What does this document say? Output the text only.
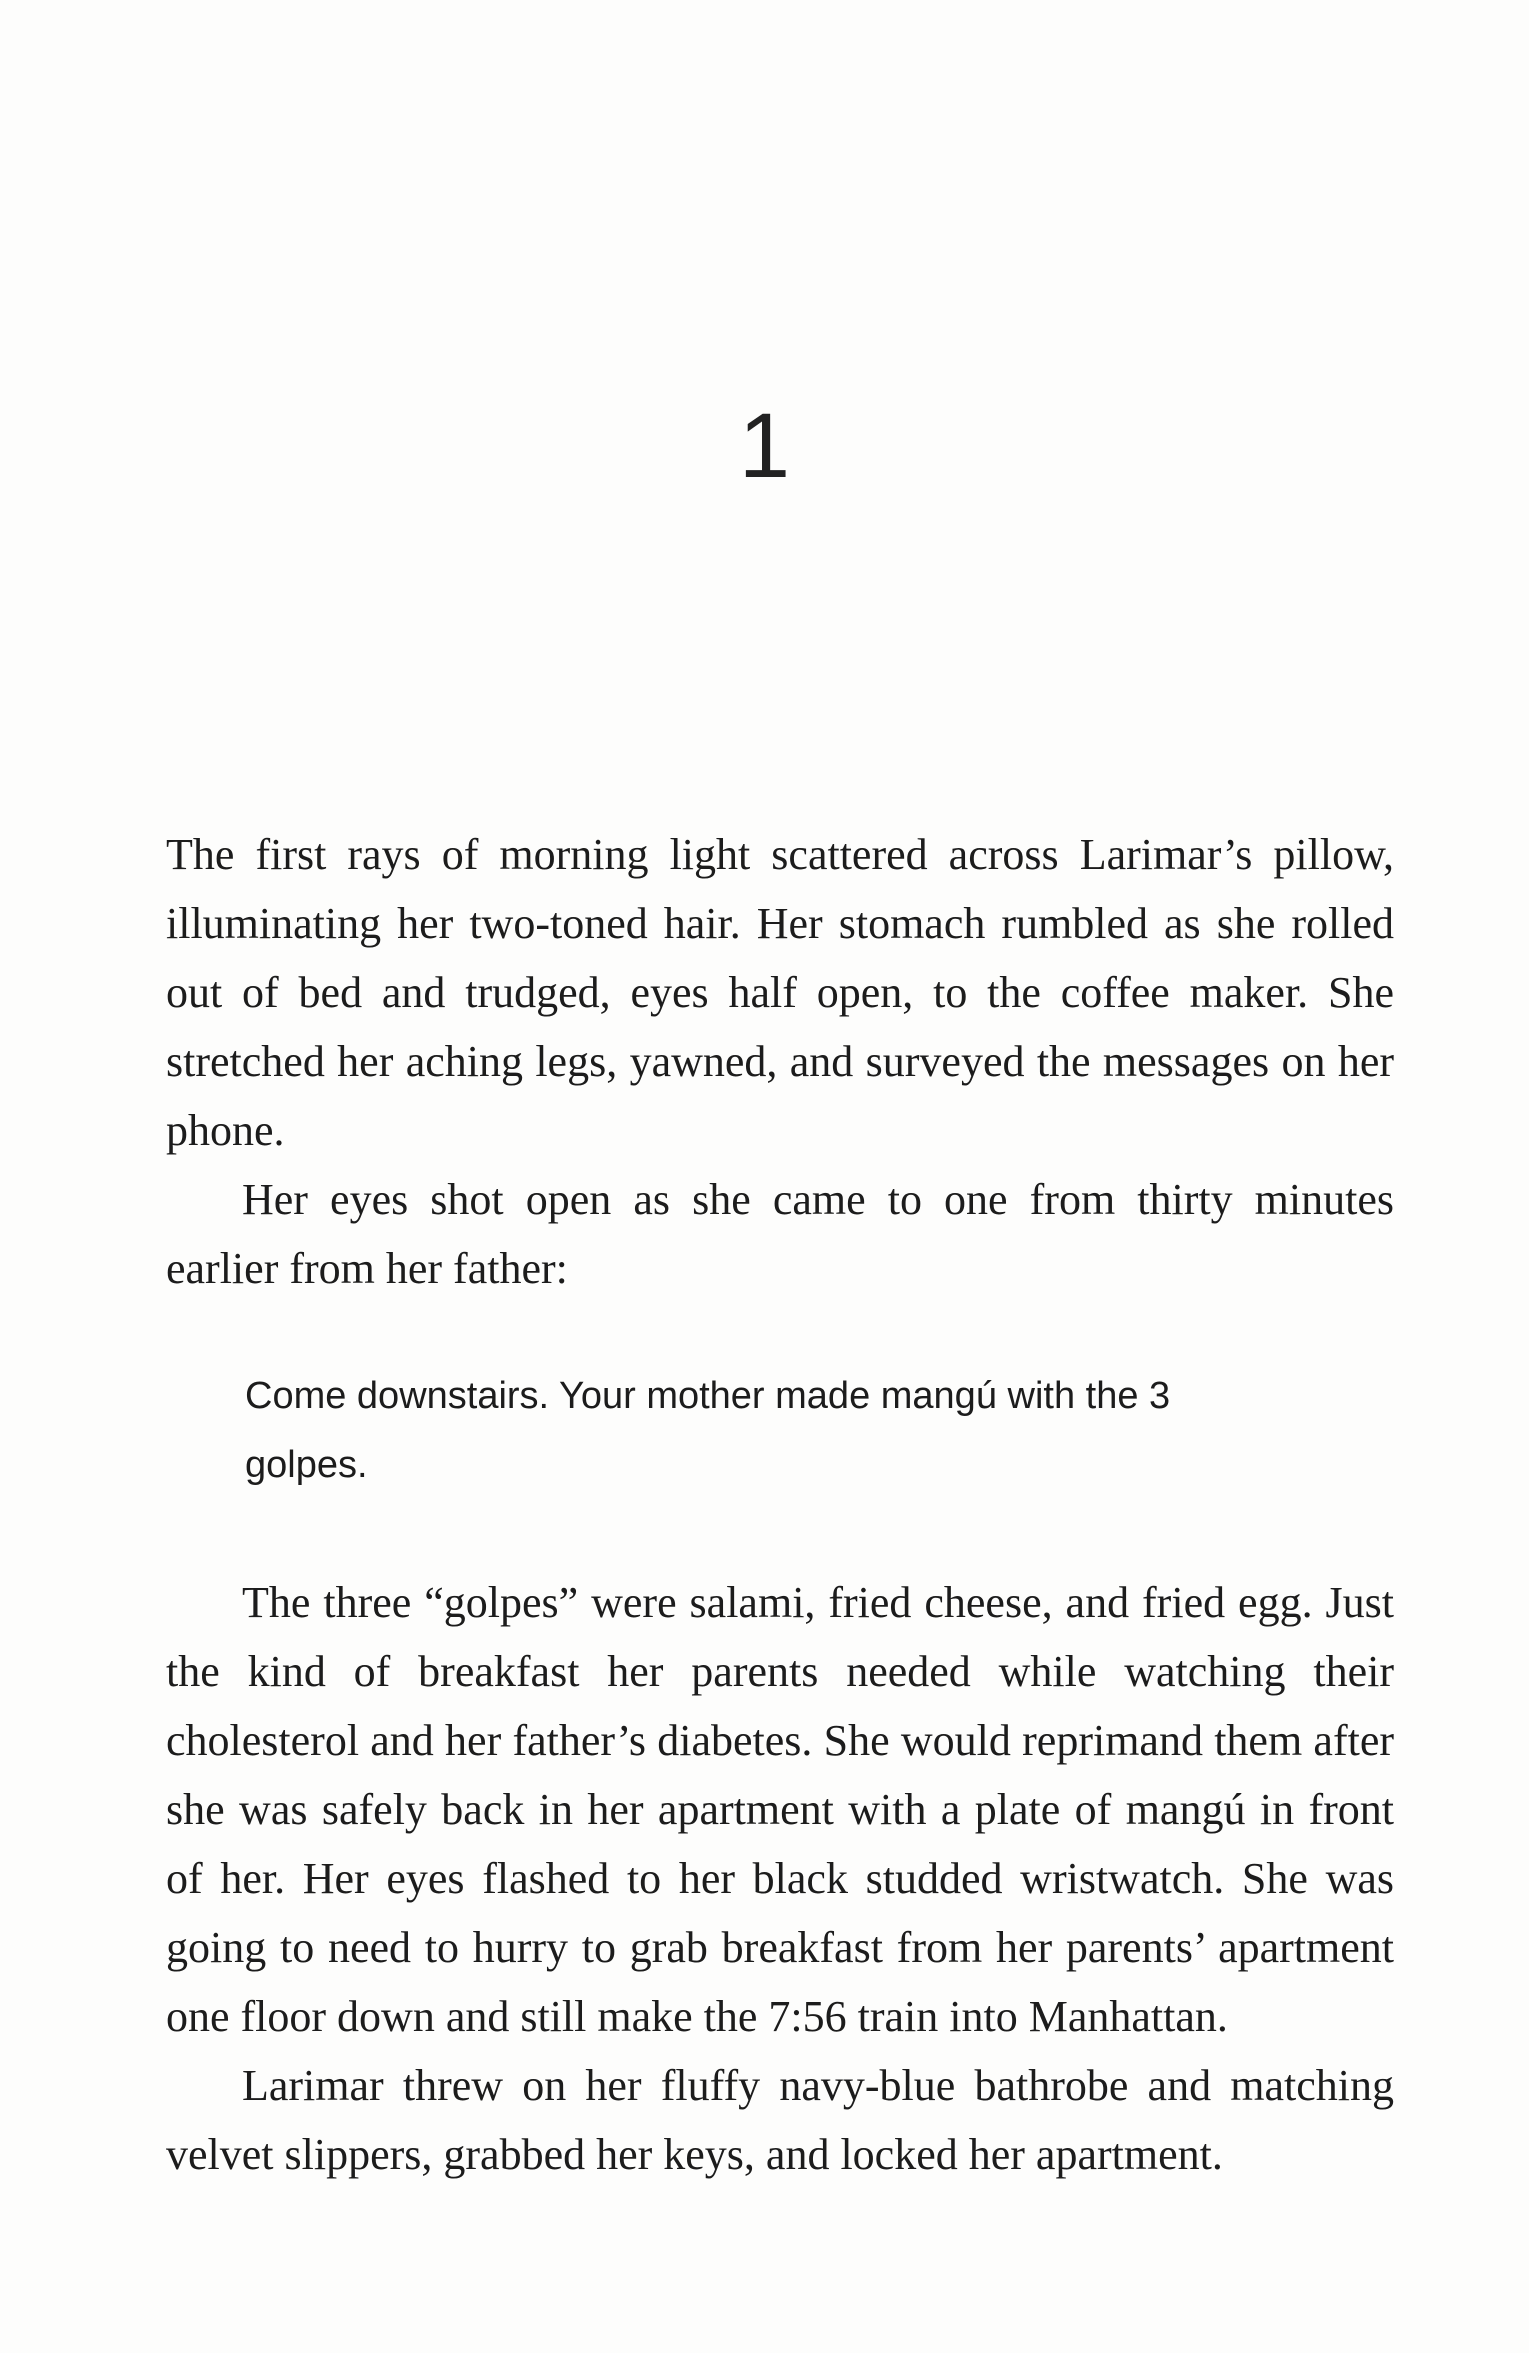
1

The first rays of morning light scattered across Larimar’s pillow, illuminating her two-toned hair. Her stomach rumbled as she rolled out of bed and trudged, eyes half open, to the coffee maker. She stretched her aching legs, yawned, and surveyed the messages on her phone.

Her eyes shot open as she came to one from thirty minutes earlier from her father:

Come downstairs. Your mother made mangú with the 3 golpes.

The three “golpes” were salami, fried cheese, and fried egg. Just the kind of breakfast her parents needed while watching their cholesterol and her father’s diabetes. She would reprimand them after she was safely back in her apartment with a plate of mangú in front of her. Her eyes flashed to her black studded wristwatch. She was going to need to hurry to grab breakfast from her parents’ apartment one floor down and still make the 7:56 train into Manhattan.

Larimar threw on her fluffy navy-blue bathrobe and matching velvet slippers, grabbed her keys, and locked her apartment.
